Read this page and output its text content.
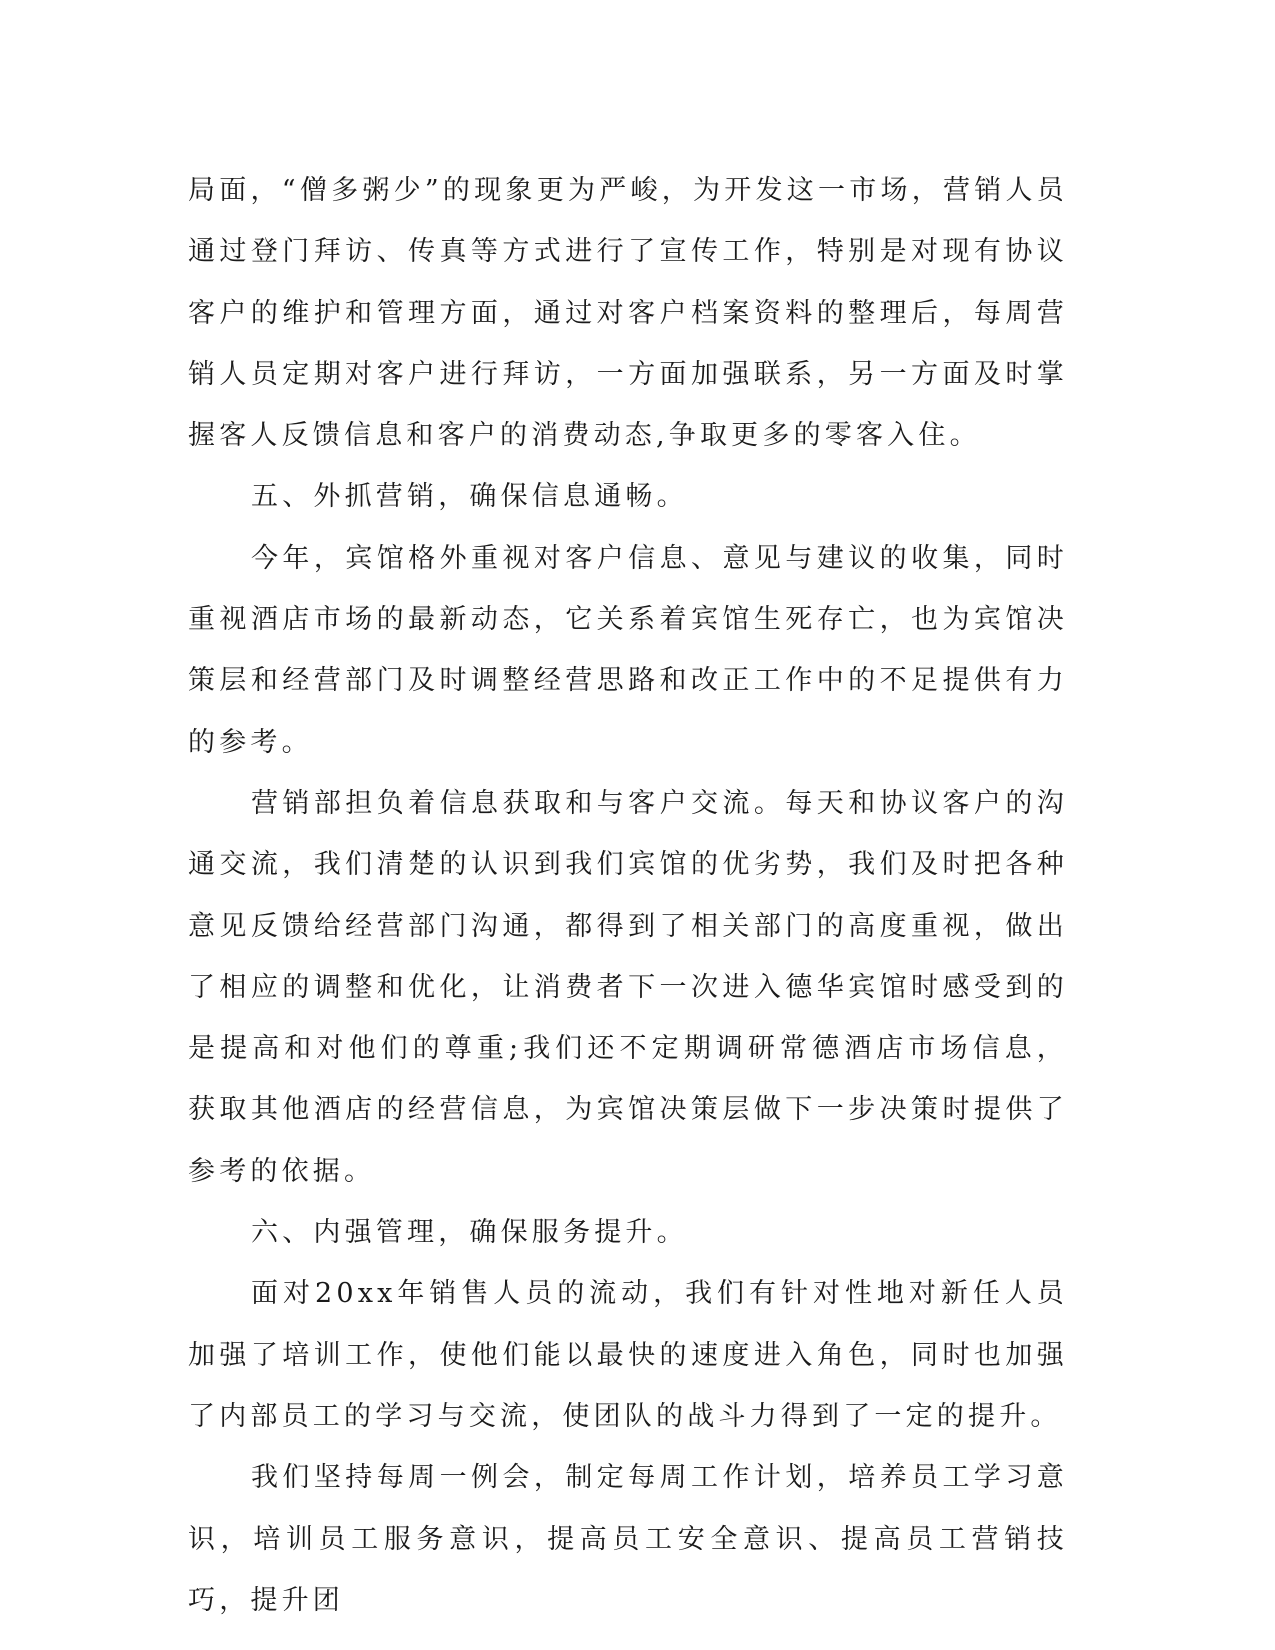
局面，“僧多粥少”的现象更为严峻，为开发这一市场，营销人员通过登门拜访、传真等方式进行了宣传工作，特别是对现有协议客户的维护和管理方面，通过对客户档案资料的整理后，每周营销人员定期对客户进行拜访，一方面加强联系，另一方面及时掌握客人反馈信息和客户的消费动态,争取更多的零客入住。

五、外抓营销，确保信息通畅。

今年，宾馆格外重视对客户信息、意见与建议的收集，同时重视酒店市场的最新动态，它关系着宾馆生死存亡，也为宾馆决策层和经营部门及时调整经营思路和改正工作中的不足提供有力的参考。

营销部担负着信息获取和与客户交流。每天和协议客户的沟通交流，我们清楚的认识到我们宾馆的优劣势，我们及时把各种意见反馈给经营部门沟通，都得到了相关部门的高度重视，做出了相应的调整和优化，让消费者下一次进入德华宾馆时感受到的是提高和对他们的尊重;我们还不定期调研常德酒店市场信息，获取其他酒店的经营信息，为宾馆决策层做下一步决策时提供了参考的依据。

六、内强管理，确保服务提升。

面对20xx年销售人员的流动，我们有针对性地对新任人员加强了培训工作，使他们能以最快的速度进入角色，同时也加强了内部员工的学习与交流，使团队的战斗力得到了一定的提升。

我们坚持每周一例会，制定每周工作计划，培养员工学习意识，培训员工服务意识，提高员工安全意识、提高员工营销技巧，提升团
